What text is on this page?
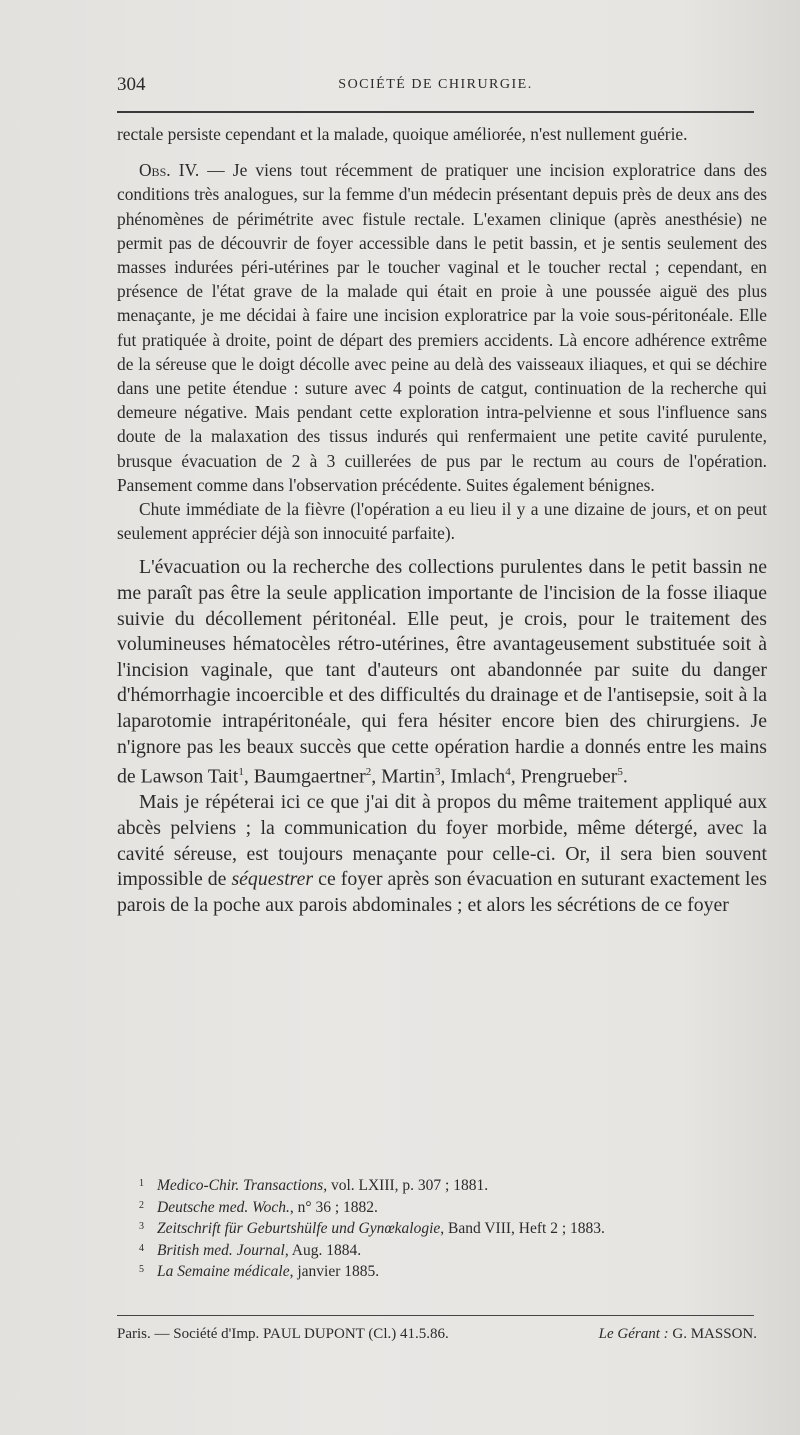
304	SOCIÉTÉ DE CHIRURGIE.

rectale persiste cependant et la malade, quoique améliorée, n'est nullement guérie.

Obs. IV. — Je viens tout récemment de pratiquer une incision exploratrice dans des conditions très analogues, sur la femme d'un médecin présentant depuis près de deux ans des phénomènes de périmétrite avec fistule rectale. L'examen clinique (après anesthésie) ne permit pas de découvrir de foyer accessible dans le petit bassin, et je sentis seulement des masses indurées péri-utérines par le toucher vaginal et le toucher rectal ; cependant, en présence de l'état grave de la malade qui était en proie à une poussée aiguë des plus menaçante, je me décidai à faire une incision exploratrice par la voie sous-péritonéale. Elle fut pratiquée à droite, point de départ des premiers accidents. Là encore adhérence extrême de la séreuse que le doigt décolle avec peine au delà des vaisseaux iliaques, et qui se déchire dans une petite étendue : suture avec 4 points de catgut, continuation de la recherche qui demeure négative. Mais pendant cette exploration intra-pelvienne et sous l'influence sans doute de la malaxation des tissus indurés qui renfermaient une petite cavité purulente, brusque évacuation de 2 à 3 cuillerées de pus par le rectum au cours de l'opération. Pansement comme dans l'observation précédente. Suites également bénignes.

Chute immédiate de la fièvre (l'opération a eu lieu il y a une dizaine de jours, et on peut seulement apprécier déjà son innocuité parfaite).

L'évacuation ou la recherche des collections purulentes dans le petit bassin ne me paraît pas être la seule application importante de l'incision de la fosse iliaque suivie du décollement péritonéal. Elle peut, je crois, pour le traitement des volumineuses hématocèles rétro-utérines, être avantageusement substituée soit à l'incision vaginale, que tant d'auteurs ont abandonnée par suite du danger d'hémorrhagie incoercible et des difficultés du drainage et de l'antisepsie, soit à la laparotomie intrapéritonéale, qui fera hésiter encore bien des chirurgiens. Je n'ignore pas les beaux succès que cette opération hardie a donnés entre les mains de Lawson Tait$^1$, Baumgaertner$^2$, Martin$^3$, Imlach$^4$, Prengrueber$^5$.

Mais je répéterai ici ce que j'ai dit à propos du même traitement appliqué aux abcès pelviens ; la communication du foyer morbide, même détergé, avec la cavité séreuse, est toujours menaçante pour celle-ci. Or, il sera bien souvent impossible de séquestrer ce foyer après son évacuation en suturant exactement les parois de la poche aux parois abdominales ; et alors les sécrétions de ce foyer

1 Medico-Chir. Transactions, vol. LXIII, p. 307 ; 1881.
2 Deutsche med. Woch., n° 36 ; 1882.
3 Zeitschrift für Geburtshülfe und Gynœkalogie, Band VIII, Heft 2 ; 1883.
4 British med. Journal, Aug. 1884.
5 La Semaine médicale, janvier 1885.
Paris. — Société d'Imp. PAUL DUPONT (Cl.) 41.5.86.	Le Gérant : G. MASSON.
